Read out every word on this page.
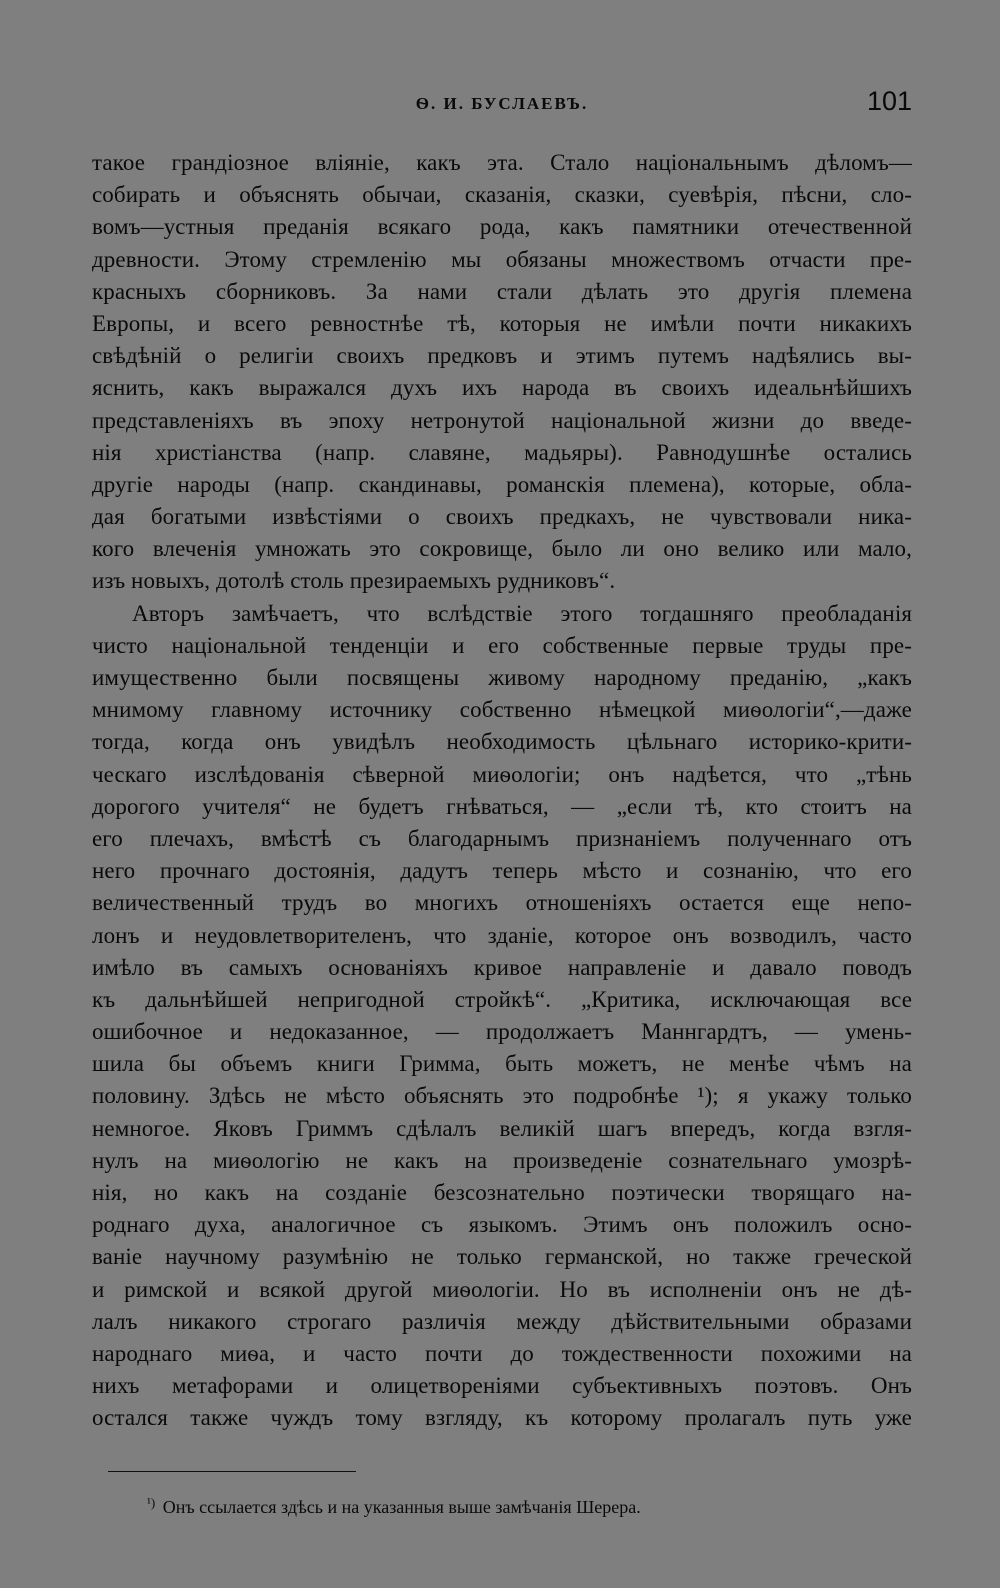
Ѳ. И. БУСЛАЕВЪ.	101
такое грандіозное вліяніе, какъ эта. Стало національнымъ дѣломъ—
собирать и объяснять обычаи, сказанія, сказки, суевѣрія, пѣсни, сло-
вомъ—устныя преданія всякаго рода, какъ памятники отечественной
древности. Этому стремленію мы обязаны множествомъ отчасти пре-
красныхъ сборниковъ. За нами стали дѣлать это другія племена
Европы, и всего ревностнѣе тѣ, которыя не имѣли почти никакихъ
свѣдѣній о религіи своихъ предковъ и этимъ путемъ надѣялись вы-
яснить, какъ выражался духъ ихъ народа въ своихъ идеальнѣйшихъ
представленіяхъ въ эпоху нетронутой національной жизни до введе-
нія христіанства (напр. славяне, мадьяры). Равнодушнѣе остались
другіе народы (напр. скандинавы, романскія племена), которые, обла-
дая богатыми извѣстіями о своихъ предкахъ, не чувствовали ника-
кого влеченія умножать это сокровище, было ли оно велико или мало,
изъ новыхъ, дотолѣ столь презираемыхъ рудниковъ“.
Авторъ замѣчаетъ, что вслѣдствіе этого тогдашняго преобладанія
чисто національной тенденціи и его собственные первые труды пре-
имущественно были посвящены живому народному преданію, „какъ
мнимому главному источнику собственно нѣмецкой миѳологіи“,—даже
тогда, когда онъ увидѣлъ необходимость цѣльнаго историко-крити-
ческаго изслѣдованія сѣверной миѳологіи; онъ надѣется, что „тѣнь
дорогого учителя“ не будетъ гнѣваться, — „если тѣ, кто стоитъ на
его плечахъ, вмѣстѣ съ благодарнымъ признаніемъ полученнаго отъ
него прочнаго достоянія, дадутъ теперь мѣсто и сознанію, что его
величественный трудъ во многихъ отношеніяхъ остается еще непо-
лонъ и неудовлетворителенъ, что зданіе, которое онъ возводилъ, часто
имѣло въ самыхъ основаніяхъ кривое направленіе и давало поводъ
къ дальнѣйшей непригодной стройкѣ“. „Критика, исключающая все
ошибочное и недоказанное, — продолжаетъ Маннгардтъ, — умень-
шила бы объемъ книги Гримма, быть можетъ, не менѣе чѣмъ на
половину. Здѣсь не мѣсто объяснять это подробнѣе ¹); я укажу только
немногое. Яковъ Гриммъ сдѣлалъ великій шагъ впередъ, когда взгля-
нулъ на миѳологію не какъ на произведеніе сознательнаго умозрѣ-
нія, но какъ на созданіе безсознательно поэтически творящаго на-
роднаго духа, аналогичное съ языкомъ. Этимъ онъ положилъ осно-
ваніе научному разумѣнію не только германской, но также греческой
и римской и всякой другой миѳологіи. Но въ исполненіи онъ не дѣ-
лалъ никакого строгаго различія между дѣйствительными образами
народнаго миѳа, и часто почти до тождественности похожими на
нихъ метафорами и олицетвореніями субъективныхъ поэтовъ. Онъ
остался также чуждъ тому взгляду, къ которому пролагалъ путь уже
$^{^1)}$ Онъ ссылается здѣсь и на указанныя выше замѣчанія Шерера.
